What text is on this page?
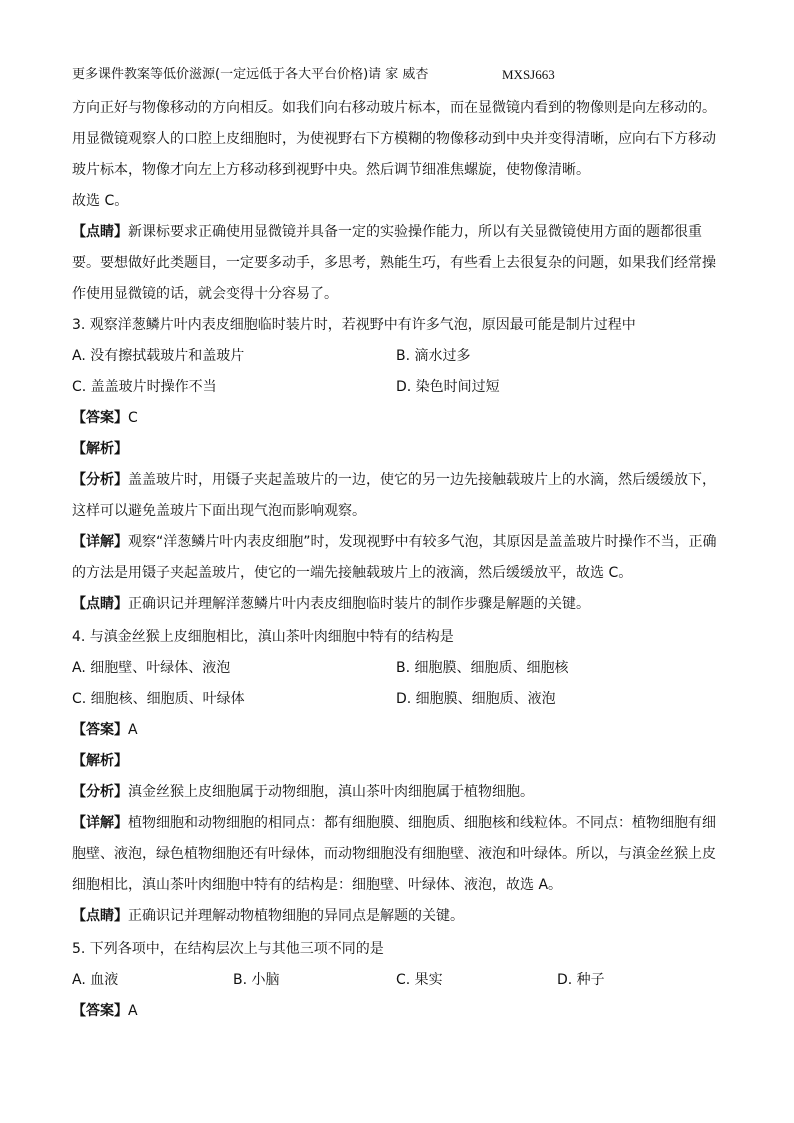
更多课件教案等低价滋源(一定远低于各大平台价格)请 家 威杏	MXSJ663
方向正好与物像移动的方向相反。如我们向右移动玻片标本，而在显微镜内看到的物像则是向左移动的。
用显微镜观察人的口腔上皮细胞时，为使视野右下方模糊的物像移动到中央并变得清晰，应向右下方移动
玻片标本，物像才向左上方移动移到视野中央。然后调节细准焦螺旋，使物像清晰。
故选 C。
【点睛】新课标要求正确使用显微镜并具备一定的实验操作能力，所以有关显微镜使用方面的题都很重
要。要想做好此类题目，一定要多动手，多思考，熟能生巧，有些看上去很复杂的问题，如果我们经常操
作使用显微镜的话，就会变得十分容易了。
3. 观察洋葱鳞片叶内表皮细胞临时装片时，若视野中有许多气泡，原因最可能是制片过程中
A. 没有擦拭载玻片和盖玻片	B. 滴水过多
C. 盖盖玻片时操作不当	D. 染色时间过短
【答案】C
【解析】
【分析】盖盖玻片时，用镊子夹起盖玻片的一边，使它的另一边先接触载玻片上的水滴，然后缓缓放下，
这样可以避免盖玻片下面出现气泡而影响观察。
【详解】观察“洋葱鳞片叶内表皮细胞”时，发现视野中有较多气泡，其原因是盖盖玻片时操作不当，正确
的方法是用镊子夹起盖玻片，使它的一端先接触载玻片上的液滴，然后缓缓放平，故选 C。
【点睛】正确识记并理解洋葱鳞片叶内表皮细胞临时装片的制作步骤是解题的关键。
4. 与滇金丝猴上皮细胞相比，滇山茶叶肉细胞中特有的结构是
A. 细胞壁、叶绿体、液泡	B. 细胞膜、细胞质、细胞核
C. 细胞核、细胞质、叶绿体	D. 细胞膜、细胞质、液泡
【答案】A
【解析】
【分析】滇金丝猴上皮细胞属于动物细胞，滇山茶叶肉细胞属于植物细胞。
【详解】植物细胞和动物细胞的相同点：都有细胞膜、细胞质、细胞核和线粒体。不同点：植物细胞有细
胞壁、液泡，绿色植物细胞还有叶绿体，而动物细胞没有细胞壁、液泡和叶绿体。所以，与滇金丝猴上皮
细胞相比，滇山茶叶肉细胞中特有的结构是：细胞壁、叶绿体、液泡，故选 A。
【点睛】正确识记并理解动物植物细胞的异同点是解题的关键。
5. 下列各项中，在结构层次上与其他三项不同的是
A. 血液	B. 小脑	C. 果实	D. 种子
【答案】A
